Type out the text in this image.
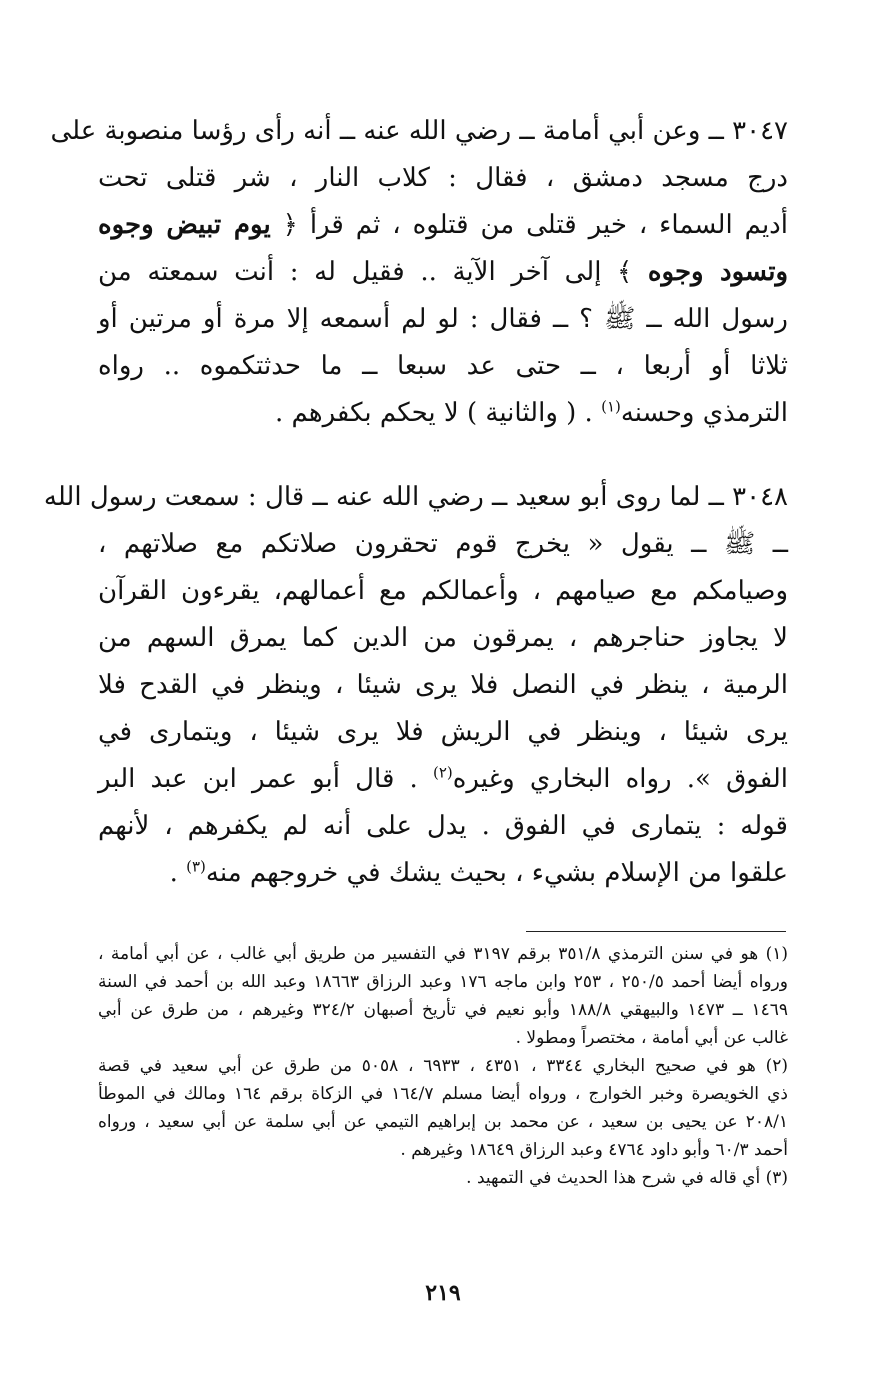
٣٠٤٧ ــ وعن أبي أمامة ــ رضي الله عنه ــ أنه رأى رؤسا منصوبة على
درج مسجد دمشق ، فقال : كلاب النار ، شر قتلى تحت
أديم السماء ، خير قتلى من قتلوه ، ثم قرأ ﴿ يوم تبيض وجوه
وتسود وجوه ﴾ إلى آخر الآية .. فقيل له : أنت سمعته من
رسول الله ــ ﷺ ؟ ــ فقال : لو لم أسمعه إلا مرة أو مرتين أو
ثلاثا أو أربعا ، ــ حتى عد سبعا ــ ما حدثتكموه .. رواه
الترمذي وحسنه$^{(١)}$ . ( والثانية ) لا يحكم بكفرهم .
٣٠٤٨ ــ لما روى أبو سعيد ــ رضي الله عنه ــ قال : سمعت رسول الله
ــ ﷺ ــ يقول « يخرج قوم تحقرون صلاتكم مع صلاتهم ،
وصيامكم مع صيامهم ، وأعمالكم مع أعمالهم، يقرءون القرآن
لا يجاوز حناجرهم ، يمرقون من الدين كما يمرق السهم من
الرمية ، ينظر في النصل فلا يرى شيئا ، وينظر في القدح فلا
يرى شيئا ، وينظر في الريش فلا يرى شيئا ، ويتمارى في
الفوق ». رواه البخاري وغيره$^{(٢)}$ . قال أبو عمر ابن عبد البر
قوله : يتمارى في الفوق . يدل على أنه لم يكفرهم ، لأنهم
علقوا من الإسلام بشيء ، بحيث يشك في خروجهم منه$^{(٣)}$ .
(١) هو في سنن الترمذي ٣٥١/٨ برقم ٣١٩٧ في التفسير من طريق أبي غالب ، عن أبي أمامة ،
ورواه أيضا أحمد ٢٥٠/٥ ، ٢٥٣ وابن ماجه ١٧٦ وعبد الرزاق ١٨٦٦٣ وعبد الله بن أحمد في السنة
١٤٦٩ ــ ١٤٧٣ والبيهقي ١٨٨/٨ وأبو نعيم في تأريخ أصبهان ٣٢٤/٢ وغيرهم ، من طرق عن أبي
غالب عن أبي أمامة ، مختصراً ومطولا .
(٢) هو في صحيح البخاري ٣٣٤٤ ، ٤٣٥١ ، ٦٩٣٣ ، ٥٠٥٨ من طرق عن أبي سعيد في قصة
ذي الخويصرة وخبر الخوارج ، ورواه أيضا مسلم ١٦٤/٧ في الزكاة برقم ١٦٤ ومالك في الموطأ
٢٠٨/١ عن يحيى بن سعيد ، عن محمد بن إبراهيم التيمي عن أبي سلمة عن أبي سعيد ، ورواه
أحمد ٦٠/٣ وأبو داود ٤٧٦٤ وعبد الرزاق ١٨٦٤٩ وغيرهم .
(٣) أي قاله في شرح هذا الحديث في التمهيد .
٢١٩
